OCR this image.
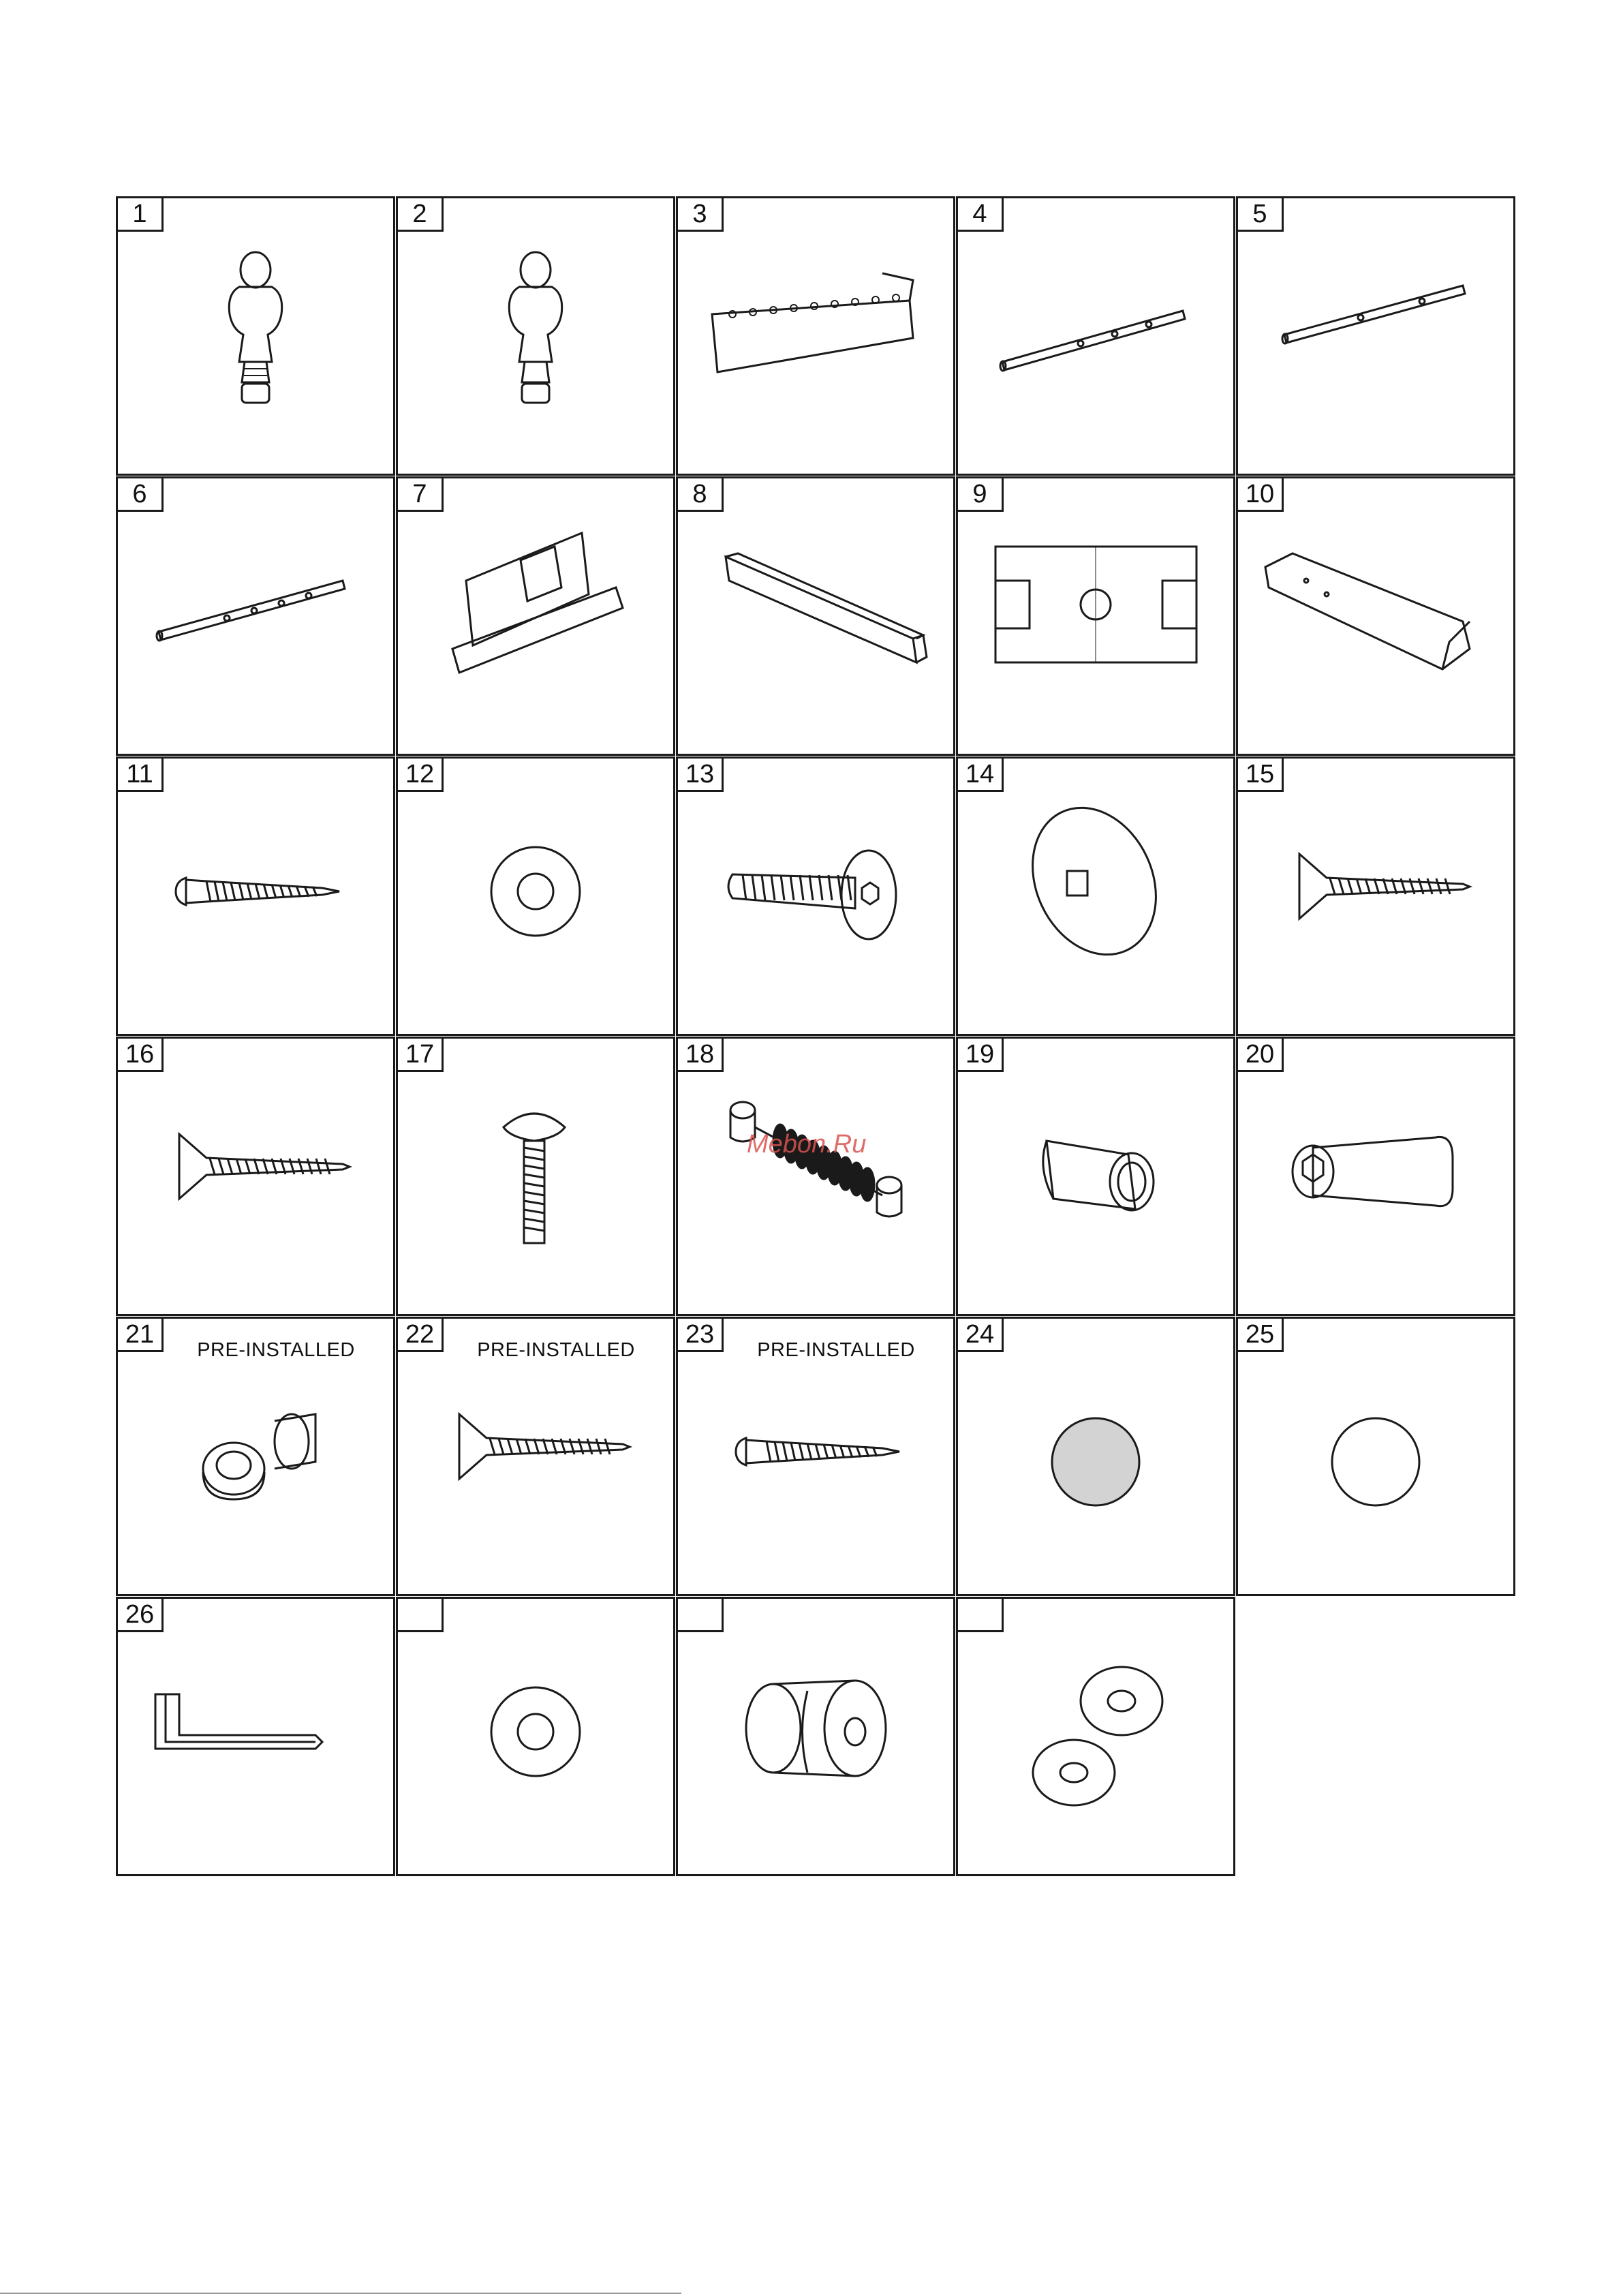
1	2	3	4	5
6	7	8	9	10
11	12	13	14	15
16	17	18	19	20
21
PRE-INSTALLED
22
PRE-INSTALLED
23
PRE-INSTALLED
24	25
26
Mebon.Ru
